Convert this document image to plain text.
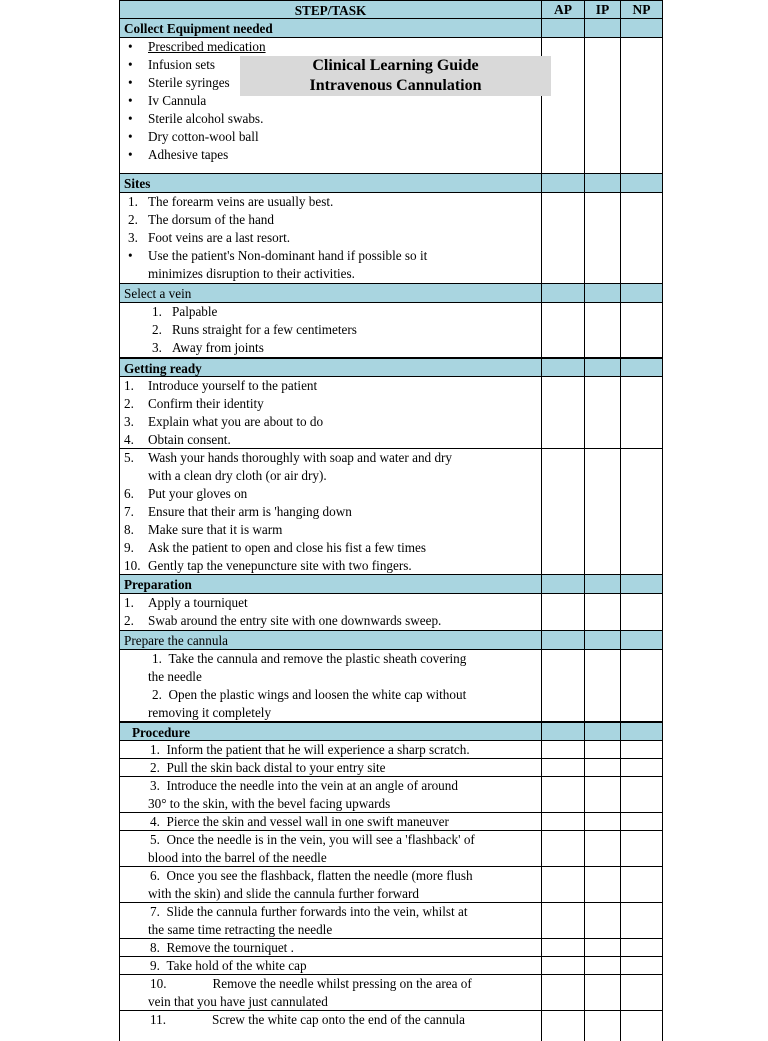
STEP/TASK	AP	IP	NP
Collect Equipment needed
• Prescribed medication
• Infusion sets
• Sterile syringes
• Iv Cannula
• Sterile alcohol swabs.
• Dry cotton-wool ball
• Adhesive tapes
Sites
1. The forearm veins are usually best.
2. The dorsum of the hand
3. Foot veins are a last resort.
• Use the patient's Non-dominant hand if possible so it
minimizes disruption to their activities.
Select a vein
1. Palpable
2. Runs straight for a few centimeters
3. Away from joints
Getting ready
1. Introduce yourself to the patient
2. Confirm their identity
3. Explain what you are about to do
4. Obtain consent.
5. Wash your hands thoroughly with soap and water and dry
with a clean dry cloth (or air dry).
6. Put your gloves on
7. Ensure that their arm is 'hanging down
8. Make sure that it is warm
9. Ask the patient to open and close his fist a few times
10. Gently tap the venepuncture site with two fingers.
Preparation
1. Apply a tourniquet
2. Swab around the entry site with one downwards sweep.
Prepare the cannula
1. Take the cannula and remove the plastic sheath covering
the needle
2. Open the plastic wings and loosen the white cap without
removing it completely
Procedure
1. Inform the patient that he will experience a sharp scratch.
2. Pull the skin back distal to your entry site
3. Introduce the needle into the vein at an angle of around
30° to the skin, with the bevel facing upwards
4. Pierce the skin and vessel wall in one swift maneuver
5. Once the needle is in the vein, you will see a 'flashback' of
blood into the barrel of the needle
6. Once you see the flashback, flatten the needle (more flush
with the skin) and slide the cannula further forward
7. Slide the cannula further forwards into the vein, whilst at
the same time retracting the needle
8. Remove the tourniquet .
9. Take hold of the white cap
10.	Remove the needle whilst pressing on the area of
vein that you have just cannulated
11.	Screw the white cap onto the end of the cannula
Clinical Learning Guide
Intravenous Cannulation
